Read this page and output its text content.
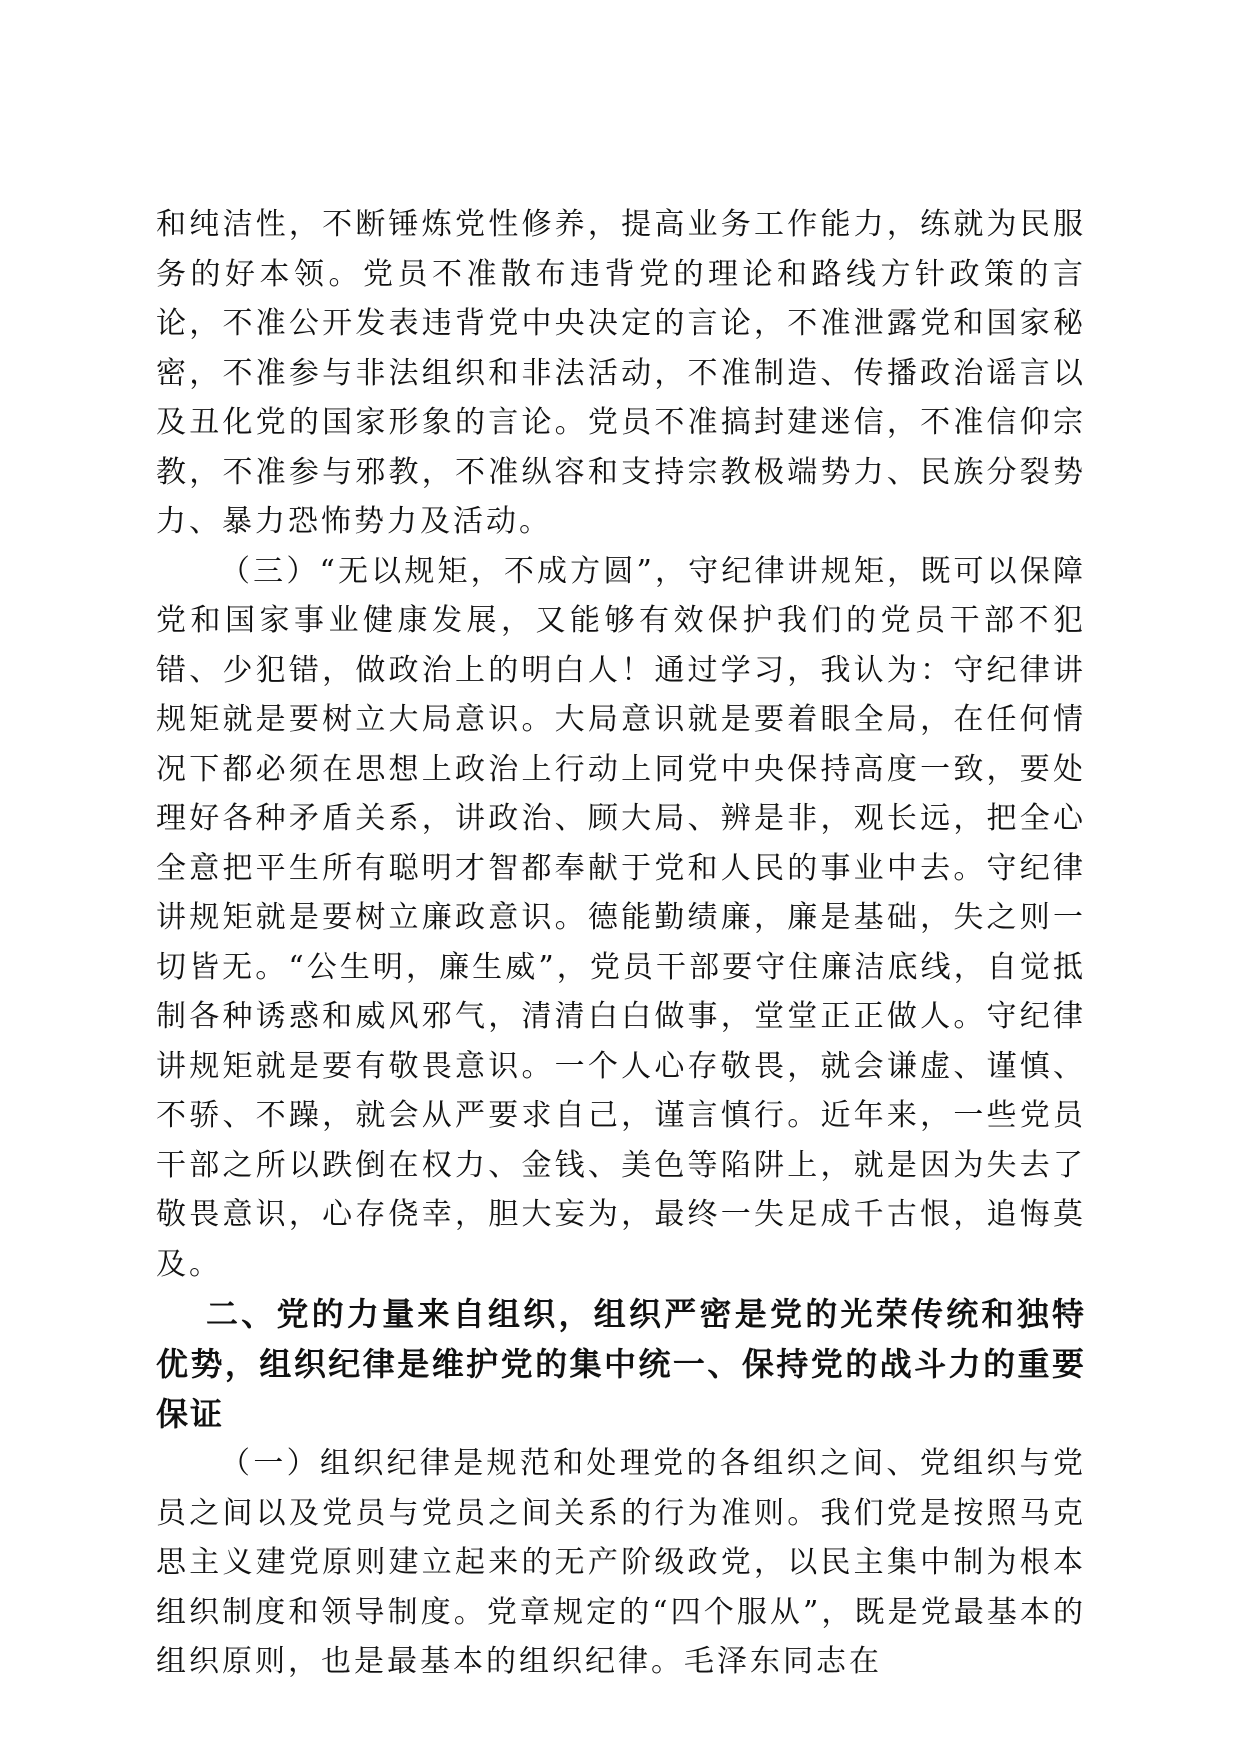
和纯洁性，不断锤炼党性修养，提高业务工作能力，练就为民服务的好本领。党员不准散布违背党的理论和路线方针政策的言论，不准公开发表违背党中央决定的言论，不准泄露党和国家秘密，不准参与非法组织和非法活动，不准制造、传播政治谣言以及丑化党的国家形象的言论。党员不准搞封建迷信，不准信仰宗教，不准参与邪教，不准纵容和支持宗教极端势力、民族分裂势力、暴力恐怖势力及活动。

（三）“无以规矩，不成方圆”，守纪律讲规矩，既可以保障党和国家事业健康发展，又能够有效保护我们的党员干部不犯错、少犯错，做政治上的明白人！通过学习，我认为：守纪律讲规矩就是要树立大局意识。大局意识就是要着眼全局，在任何情况下都必须在思想上政治上行动上同党中央保持高度一致，要处理好各种矛盾关系，讲政治、顾大局、辨是非，观长远，把全心全意把平生所有聪明才智都奉献于党和人民的事业中去。守纪律讲规矩就是要树立廉政意识。德能勤绩廉，廉是基础，失之则一切皆无。“公生明，廉生威”，党员干部要守住廉洁底线，自觉抵制各种诱惑和威风邪气，清清白白做事，堂堂正正做人。守纪律讲规矩就是要有敬畏意识。一个人心存敬畏，就会谦虚、谨慎、不骄、不躁，就会从严要求自己，谨言慎行。近年来，一些党员干部之所以跌倒在权力、金钱、美色等陷阱上，就是因为失去了敬畏意识，心存侥幸，胆大妄为，最终一失足成千古恨，追悔莫及。

二、党的力量来自组织，组织严密是党的光荣传统和独特优势，组织纪律是维护党的集中统一、保持党的战斗力的重要保证

（一）组织纪律是规范和处理党的各组织之间、党组织与党员之间以及党员与党员之间关系的行为准则。我们党是按照马克思主义建党原则建立起来的无产阶级政党，以民主集中制为根本组织制度和领导制度。党章规定的“四个服从”，既是党最基本的组织原则，也是最基本的组织纪律。毛泽东同志在
